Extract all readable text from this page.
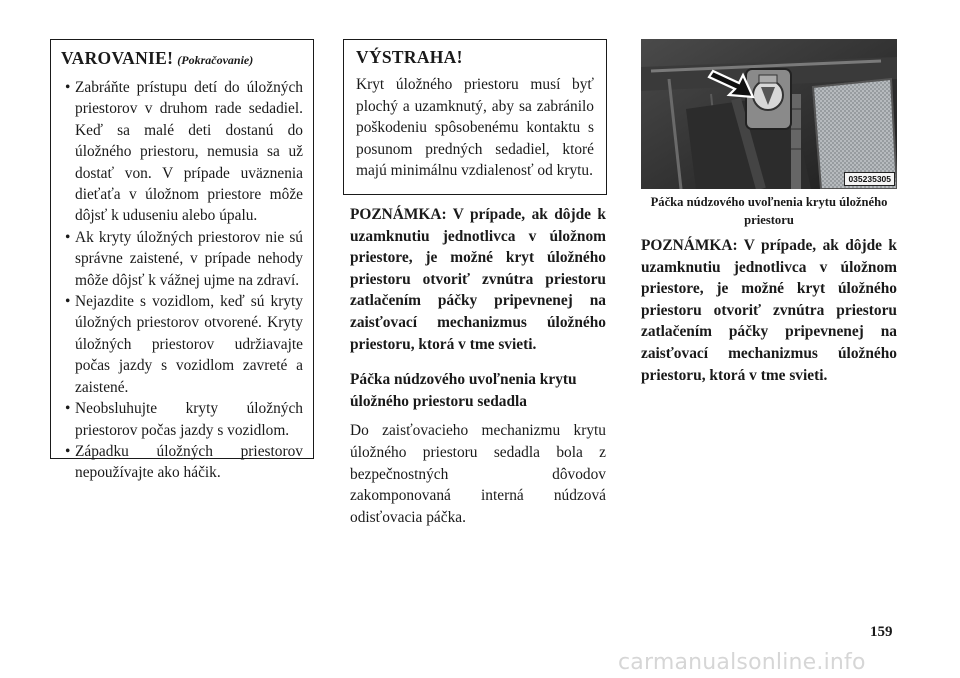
VAROVANIE! (Pokračovanie)
• Zabráňte prístupu detí do úložných priestorov v druhom rade sedadiel. Keď sa malé deti dostanú do úložného priestoru, nemusia sa už dostať von. V prípade uväznenia dieťaťa v úložnom priestore môže dôjsť k uduseniu alebo úpalu.
• Ak kryty úložných priestorov nie sú správne zaistené, v prípade nehody môže dôjsť k vážnej ujme na zdraví.
• Nejazdite s vozidlom, keď sú kryty úložných priestorov otvorené. Kryty úložných priestorov udržiavajte počas jazdy s vozidlom zavreté a zaistené.
• Neobsluhujte kryty úložných priestorov počas jazdy s vozidlom.
• Západku úložných priestorov nepoužívajte ako háčik.
VÝSTRAHA!
Kryt úložného priestoru musí byť plochý a uzamknutý, aby sa zabránilo poškodeniu spôsobenému kontaktu s posunom predných sedadiel, ktoré majú minimálnu vzdialenosť od krytu.
POZNÁMKA: V prípade, ak dôjde k uzamknutiu jednotlivca v úložnom priestore, je možné kryt úložného priestoru otvoriť zvnútra priestoru zatlačením páčky pripevnenej na zaisťovací mechanizmus úložného priestoru, ktorá v tme svieti.
Páčka núdzového uvoľnenia krytu úložného priestoru sedadla
Do zaisťovacieho mechanizmu krytu úložného priestoru sedadla bola z bezpečnostných dôvodov zakomponovaná interná núdzová odisťovacia páčka.
035235305
Páčka núdzového uvoľnenia krytu úložného priestoru
POZNÁMKA: V prípade, ak dôjde k uzamknutiu jednotlivca v úložnom priestore, je možné kryt úložného priestoru otvoriť zvnútra priestoru zatlačením páčky pripevnenej na zaisťovací mechanizmus úložného priestoru, ktorá v tme svieti.
159
carmanualsonline.info
